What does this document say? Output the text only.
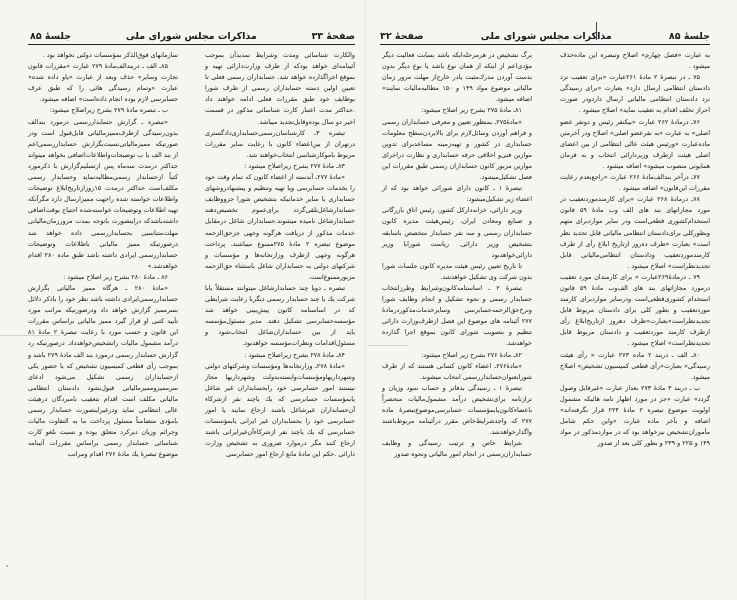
صفحهٔ ۳۳
مذاکرات مجلس شورای ملی
جلسهٔ ۸۵

والکارت شناسائی ومدت وشرایط تمدیدآن بموجب آئینامه‌ای خواهد بودکه از طرف وزارت‌دارائی تهیه و بموقع اجراگذارده خواهد شد. حسابداران رسمی فعلی تا تعیین اولین دسته حسابداران رسمی از طرف شورا بوظایف خود طبق مقررات فعلی ادامه خواهند داد .حداکثر مدت اعتبار کارت شناسائی مذکور در قسمت اخیر دو سال بوده‌وقابل‌تجدید میباشد.

تبصره ۳ـ کارشناسان‌رسمی‌حسابداری‌دادگستری درتهران از بین‌اعضاء کانون با رعایت سایر مقررات مربوط باموکارشناسی انتخاب‌خواهند شد.

۸۳ـ مادهٔ ۲۷۷ بشرح زیراصلاح میشود :

«مادهٔ ۲۷۷ـ آندسته از اعضاء کانون که تمام وقت خود را بخدمات حسابرسی ویا تهیه وتنظیم و پیشنهادروشهای حسابداری یا سایر خدماتیکه بتشخیص شورا جزووظایف حسابدارشاغل‌تلقی‌گردد برای‌عموم تخصیص‌دهند حسابدارشاغل نامیده میشوند.حسابداران شاغل درمقابل خدمات مذکور از دریافت هرگونه وجهی جزحق‌الزحمه موضوع تبصره ۲ مادهٔ ۲۷۵ممنوع میباشند. پرداخت هرگونه وجهی ازطرف وزارتخانه‌ها و مؤسسات و شرکتهای دولتی به حسابداران شاغل باستثناء حق‌الزحمه مزبورممنوع‌است.

تبصره ـ دویا چند حسابدارشاغل میتوانند مستقلاً یابا شرکت یك یا چند حسابدار رسمی دیگربا رعایت شرایطی که در اساسنامه کانون پیش‌بینی خواهد شد مؤسسه‌حسابرسی تشکیل دهند. مدیر مسئول‌مؤسسه باید از بین حسابداران‌شاغل انتخاب‌شود و مسئول‌اقدامات ونظرات‌مؤسسه خواهدبود.

۸۴ـ مادهٔ ۲۷۸ بشرح زیراصلاح میشود :

«مادهٔ ۲۷۸ـ وزارتخانه‌ها ومؤسسات وشرکتهای دولتی وشهرداریهاومؤسسات‌وابسته‌بدولت وشهرداریها مجاز نیستند امور حسابرسی خود رابحسابداران غیر شاغل یابمؤسسات حسابرسی که یك یاچند نفر ازشرکاء آن‌حسابداران غیرشاغل باشند ارجاع نمایند یا امور حسابرسی خود را بحسابداران غیر ایرانی یابمؤسسات حسابرسی که یك یاچند نفر ازشرکاءآن‌غیرایرانی باشند ارجاع کنند مگر درموارد ضروری به تشخیص وزارت دارائی .حکم این مادهٔ مانع ارجاع امور حسابرسی

سازمانهای فوق‌الذکر بمؤسسات دولتی نخواهد بود .

۸۵ـ الف ـ دربندالف‌مادهٔ ۲۷۹ عبارت «مقررات قانون تجارت وسایر» حذف وبعد از عبارت «یاو داده شده» عبارت «وتمام رسیدگی هائی را که طبق عرف حسابرسی لازم بوده انجام داده‌است» اضافه میشود.

ب ـ تبصره مادهٔ ۲۷۹ بشرح زیراصلاح میشود:

«تبصره ـ گزارش حسابداررسمی درمورد بندالف بدون‌رسیدگی ازطرف‌ممیزمالیاتی قابل‌قبول است ودر صورتیکه ممیزمالیاتی‌نسبت‌بگزارش حسابداررسمی‌اعم از بند الف یا ب توضیحات‌واطلاعات‌اضافی بخواهد میتواند حداکثر درمدت سه‌ماه پس ازتسلیم‌گزارش با ذکرمورد کتباً ازحسابدار رسمی‌مطالبه‌نماید وحسابدار رسمی مکلف‌است حداکثر درمدت ۱۵روزازتاریخ‌ابلاغ توضیحات واطلاعات خواسته شده راجهت ممیزارسال دارد مگرآنکه تهیه اطلاعات وتوضیحات خواسته‌شده احتیاج بوقت‌اضافی داشته‌باشدکه دراینصورت باتوجه بمدت مرورزمان‌مالیاتی مهلت‌متناسبی بحسابداررسمی داده خواهد شد درصورتیکه ممیز مالیاتی باطلاعات وتوضیحات حسابداررسمی ایرادی داشته باشد طبق ماده ۲۸۰ اقدام خواهدشد.»

۸۶ ـ مادهٔ ۲۸۰ بشرح زیر اصلاح میشود :

«مادهٔ ۲۸۰ ـ هرگاه ممیز مالیاتی بگزارش حسابداررسمی‌ایرادی داشته باشد نظر خود را باذکر دلائل بسرممیز گزارش خواهد داد ودرصورتیکه مراتب مورد تأیید کتبی او قرار گیرد ممیز مالیاتی براساس مقررات این قانون و حسب مورد با رعایت تبصرهٔ ۲ مادهٔ ۸۱ درآمد مشمول مالیات راتشخیص‌خواهدداد. درصورتیکه رد گزارش حسابدار رسمی درمورد بند الف مادهٔ ۲۷۹ باشد و بموجب رأی قطعی کمیسیون تشخیص که با حضور یکی ازحسابداران رسمی تشکیل می‌شود ادعای سرممیزوممیزمالیاتی قبول‌نشود دادستان انتظامی مالیاتی مکلف است اقدام بتعقیب نامبردگان درهیئت عالی انتظامی نماید ودرغیراینصورت حسابدار رسمی بامؤدی متضامناً مسئول پرداخت ما به التفاوت مالیات وجرائم وزیان دیرکرد متعلق بوده و نسبت بلغو کارت شناسائی حسابدار رسمی براساس مقررات آئینامه موضوع تبصرهٔ یك مادهٔ ۲۷۶ اقدام ومراتب

جلسهٔ ۸۵
مذاکرات مجلس شورای ملی
صفحهٔ ۳۲

به عبارت «فصل چهارم» اصلاح وتبصره این ماده‌حذف میشود .

۷۵ ـ در تبصرهٔ ۲ مادهٔ ۲۶۱عبارت «برای تعقیب نزد دادستان انتظامی ارسال دارد» بعبارت «برای رسیدگی نزد دادستان انتظامی مالیاتی ارسال داردودر صورت احراز تخلف اقدام به تعقیب نماید» اصلاح میشود .

۷۶ـ درمادهٔ ۲۶۲ عبارت «بیکنفر رئیس و دونفر عضو اصلی» به عبارت «به نفرعضو اصلی» اصلاح ودر آخرمتن ماده‌عبارت «ورئیس هیئت عالی انتظامی از بین اعضای اصلی هیئت ازطرف وزیردارائی انتخاب و به فرمان همایونی منصوب میشود» اضافه میشود .

۷۷ـ درآخر بندالف‌مادهٔ ۲۶۶ عبارت «راجع‌بعدم رعایت مقررات این‌قانون» اضافه میشود .

۷۸ـ درمادهٔ ۲۶۸ عبارت «برای کارمندموردتعقیب در مورد مجازاتهای بند های الف وب مادهٔ ۵۹ قانون استخدام‌کشوری قطعی‌است ودر سایر مواردبرای متهم وبطورکلی برای‌دادستان انتظامی مالیاتی قابل تجدید نظر است» بعبارت «ظرف ده‌روز ازتاریخ ابلاغ رأی از طرف کارمندموردتعقیب ودادستان انتظامی‌مالیاتی قابل تجدیدنظراست» اصلاح میشود .

۷۹ ـ درمادهٔ۲۶۹عبارت « برای کارمندان مورد تعقیب درمورد مجازاتهای بند های الف‌وب مادهٔ ۵۹ قانون استخدام کشوری‌قطعی‌است ودرسایر مواردبرای کارمند موردتعقیب و بطور کلی برای دادستان مربوط قابل تجدیدنظراست»بعبارت«ظرف دهروز ازتاریخ‌ابلاغ رأی ازطرف کارمند موردتعقیب و دادستان مربوط قابل تجدیدنظراست» اصلاح میشود .

۸۰ـ الف ـ دربند ۲ ماده ۲۷۳ عبارت « رأی هیئت رسیدگی» بعبارت«رأی قطعی کمیسیون تشخیص» اصلاح میشود.

ب ـ دربند ۳ مادهٔ ۲۷۳ بعداز عبارت «غیرقابل وصول گردد» عبارت «جز در مورد اظهار نامه هائیکه مشمول اولویت موضوع تبصره ۲ مادهٔ ۲۲۴ قرار نگرفته‌اند» اضافه و بآخر ماده عبارت «واین حکم شامل مأموران‌تشخیص نیزخواهد بود که در مواردمذکور در مواد ۱۴۹ و ۲۲۵ و ۲۳۹ و بطور کلی بعد از صدور

برگ تشخیص در هرمرحله‌ایکه باشد بسابت فعالیت دیگر مؤدی‌اعم از اینکه از همان نوع باشد یا نوع دیگر بدون بدست آوردن مدرك‌مثبت یادر خارج‌از مهلت مرور زمان مالیاتی موضوع مواد ۱۴۹ و ۱۵۰ مطالبه‌مالیات نمایند» اضافه میشود.

۸۱ـ مادهٔ ۲۷۵ بشرح زیر اصلاح میشود:

«مادهٔ۲۷۵ـ بمنظور تعیین و معرفی حسابداران رسمی و فراهم آوردن وسائل‌لازم برای بالابردن‌سطح معلومات حسابداری در کشور و تهیه‌زمینه مساعدبرای تدوین موازین فنی‌و اخلاقی حرفه حسابداری و نظارت دراجرای موازین مزبور کانون حسابداران رسمی طبق مقررات این فصل تشکیل‌میشود.

تبصرهٔ ۱ ـ کانون دارای شورائی خواهد بود که از اعضاء زیر تشکیل‌میشود:

وزیر دارائی، خزانه‌دارکل کشور، رئیس اتاق بازرگانی و صنایع ومعادن ایران، رئیس‌هیئت مدیره کانون حسابداران رسمی و سه نفر حسابدار متخصص باسابقه بتشخیص وزیر دارائی. ریاست شورابا وزیر دارائی‌خواهدبود

تا تاریخ تعیین رئیس هیئت مدیره کانون جلسات شورا بدون شرکت وی تشکیل خواهدشد.

تبصرهٔ ۲ ـ اساسنامه‌کانون‌وشرایط وطرزانتخاب حسابدار رسمی و نحوه تشکیل و انجام وظایف شورا ونرخ‌حق‌الزحمه‌حسابرسی وسایرخدمات‌مذکوردرمادهٔ ۲۷۷ آئینامه های موضوع این فصل ازطرف‌وزارت دارائی تنظیم و بتصویب شورای کانون بموقع اجرا گذارده خواهدشد.

۸۲ـ مادهٔ ۲۷۶ بشرح زیر اصلاح میشود:

«مادهٔ۲۷۶ـ اعضاء کانون کسانی هستند که از طرف شورابعنوان‌حسابداررسمی انتخاب میشوند.

تبصرهٔ ۱ ـ رسیدگی بدفاتر و حساب سود وزیان و ترازنامه برای‌تشخیص درآمد مشمول‌مالیات منحصراً باعضاء‌کانون‌یابمؤسسات حسابرسی‌موضوع‌تبصرهٔ ماده ۲۷۷ که واجدشرایط‌خاص مقرر درآئینامه مربوط‌باشند واگذارخواهدشد.

شرایط خاص و ترتیب رسیدگی و وظایف حسابداران‌رسمی در انجام امور مالیاتی ونحوه صدور
